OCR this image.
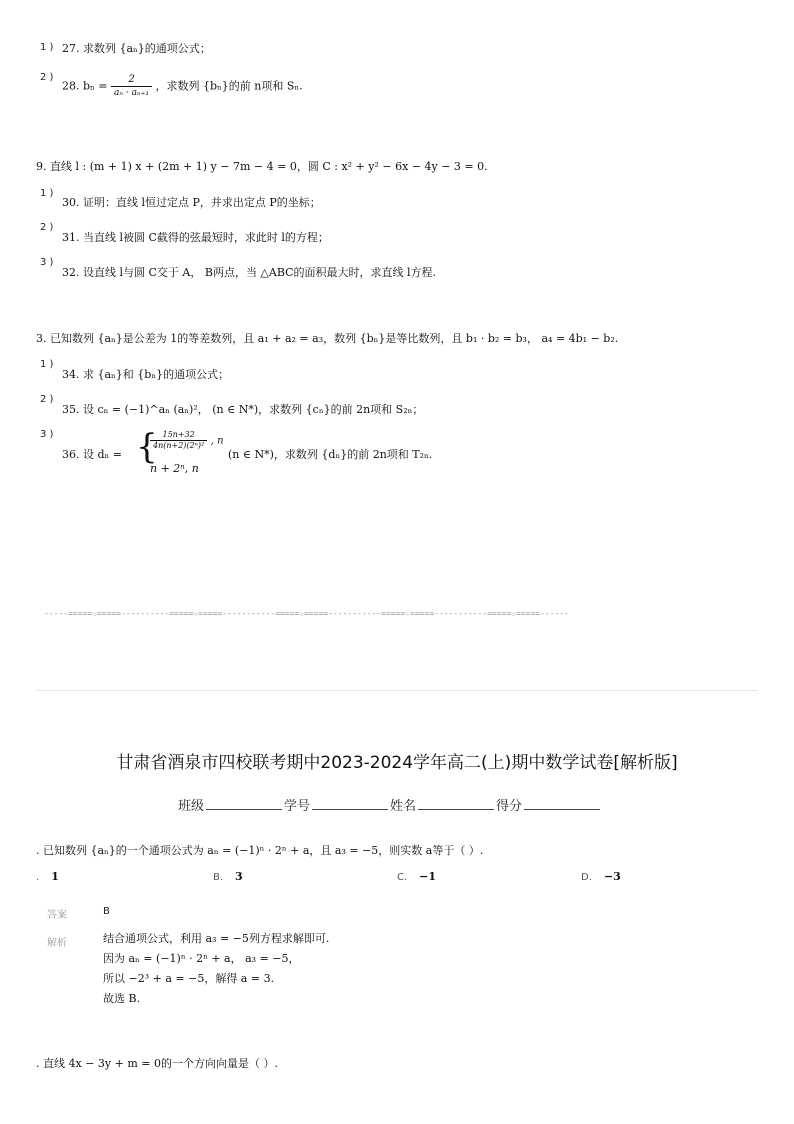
1 ) 27. 求数列 {aₙ}的通项公式；
2 )
28. $b_n = \frac{2}{\text{aₙ · aₙ₊₁}}$ ，求数列 {bₙ}的前 n项和 Sₙ.
9. 直线 l : (m + 1) x + (2m + 1) y − 7m − 4 = 0，圆 C : x² + y² − 6x − 4y − 3 = 0.
1 )
30. 证明：直线 l恒过定点 P，并求出定点 P的坐标；
2 )
31. 当直线 l被圆 C截得的弦最短时，求此时 l的方程；
3 )
32. 设直线 l与圆 C交于 A， B两点，当 △ABC的面积最大时，求直线 l方程.
3. 已知数列 {aₙ}是公差为 1的等差数列，且 a₁ + a₂ = a₃，数列 {bₙ}是等比数列，且 b₁ · b₂ = b₃， a₄ = 4b₁ − b₂.
1 )
34. 求 {aₙ}和 {bₙ}的通项公式；
2 )
35. 设 cₙ = (−1)^aₙ (aₙ)²， (n ∈ N*)，求数列 {cₙ}的前 2n项和 S₂ₙ；
3 )
36. 设 dₙ = {
$\frac{15n+32}{\text{4n(n+2)(2ⁿ)²}}$ , n
n + 2ⁿ, n
(n ∈ N*)，求数列 {dₙ}的前 2n项和 T₂ₙ.
-----=====☆=====----------=====☆=====-----------=====☆=====-----------=====☆=====-----------=====☆=====------
甘肃省酒泉市四校联考期中2023-2024学年高二(上)期中数学试卷[解析版]
班级	学号	姓名	得分
. 已知数列 {aₙ}的一个通项公式为 aₙ = (−1)ⁿ · 2ⁿ + a，且 a₃ = −5，则实数 a等于（ ）.
. 1	B. 3	C. −1	D. −3
答案	B
解析	结合通项公式，利用 a₃ = −5列方程求解即可.
因为 aₙ = (−1)ⁿ · 2ⁿ + a， a₃ = −5，
所以 −2³ + a = −5，解得 a = 3.
故选 B.
. 直线 4x − 3y + m = 0的一个方向向量是（ ）.
